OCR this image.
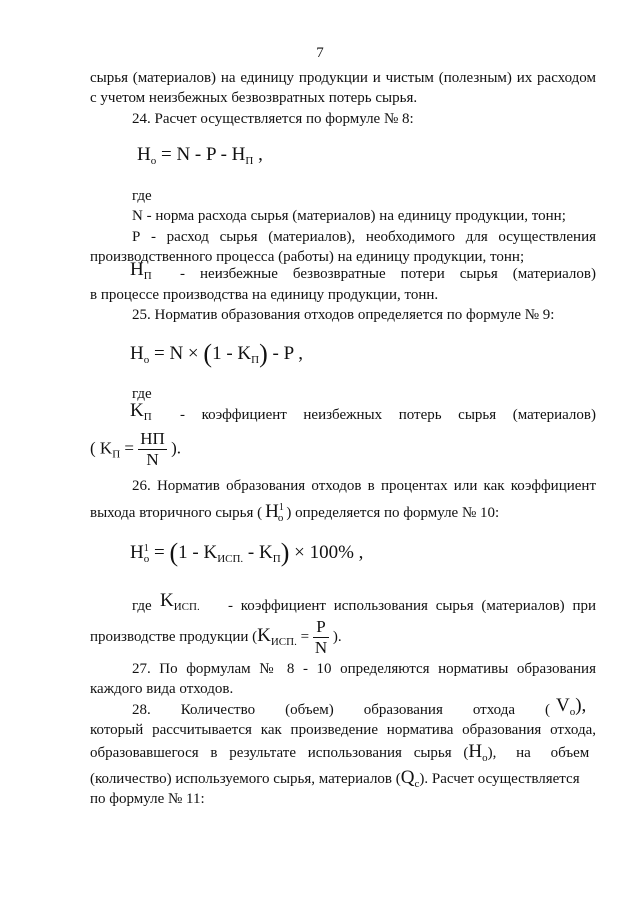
7
сырья (материалов) на единицу продукции и чистым (полезным) их расходом
с учетом неизбежных безвозвратных потерь сырья.
24. Расчет осуществляется по формуле № 8:
$H_о = N - P - H_П$ ,
где
N - норма расхода сырья (материалов) на единицу продукции, тонн;
Р - расход сырья (материалов), необходимого для осуществления
производственного процесса (работы) на единицу продукции, тонн;
$H_П$ - неизбежные безвозвратные потери сырья (материалов)
в процессе производства на единицу продукции, тонн.
25. Норматив образования отходов определяется по формуле № 9:
$H_о = N \times (1 - K_П) - P$ ,
где
$K_П$ - коэффициент неизбежных потерь сырья (материалов)
( $K_П = \frac{HП}{N}$ ).
26. Норматив образования отходов в процентах или как коэффициент
выхода вторичного сырья ( $H^1_о$ ) определяется по формуле № 10:
$H^1_о = (1 - K_{ИСП.} - K_П) \times 100\%$ ,
где $K_{ИСП.}$ - коэффициент использования сырья (материалов) при
производстве продукции ($K_{ИСП.} = \frac{P}{N}$ ).
27. По формулам № 8 - 10 определяются нормативы образования
каждого вида отходов.
28. Количество (объем) образования отхода ( $V_о$),
который рассчитывается как произведение норматива образования отхода,
образовавшегося в результате использования сырья $(H_о)$, на объем
(количество) используемого сырья, материалов $(Q_с)$. Расчет осуществляется
по формуле № 11:
